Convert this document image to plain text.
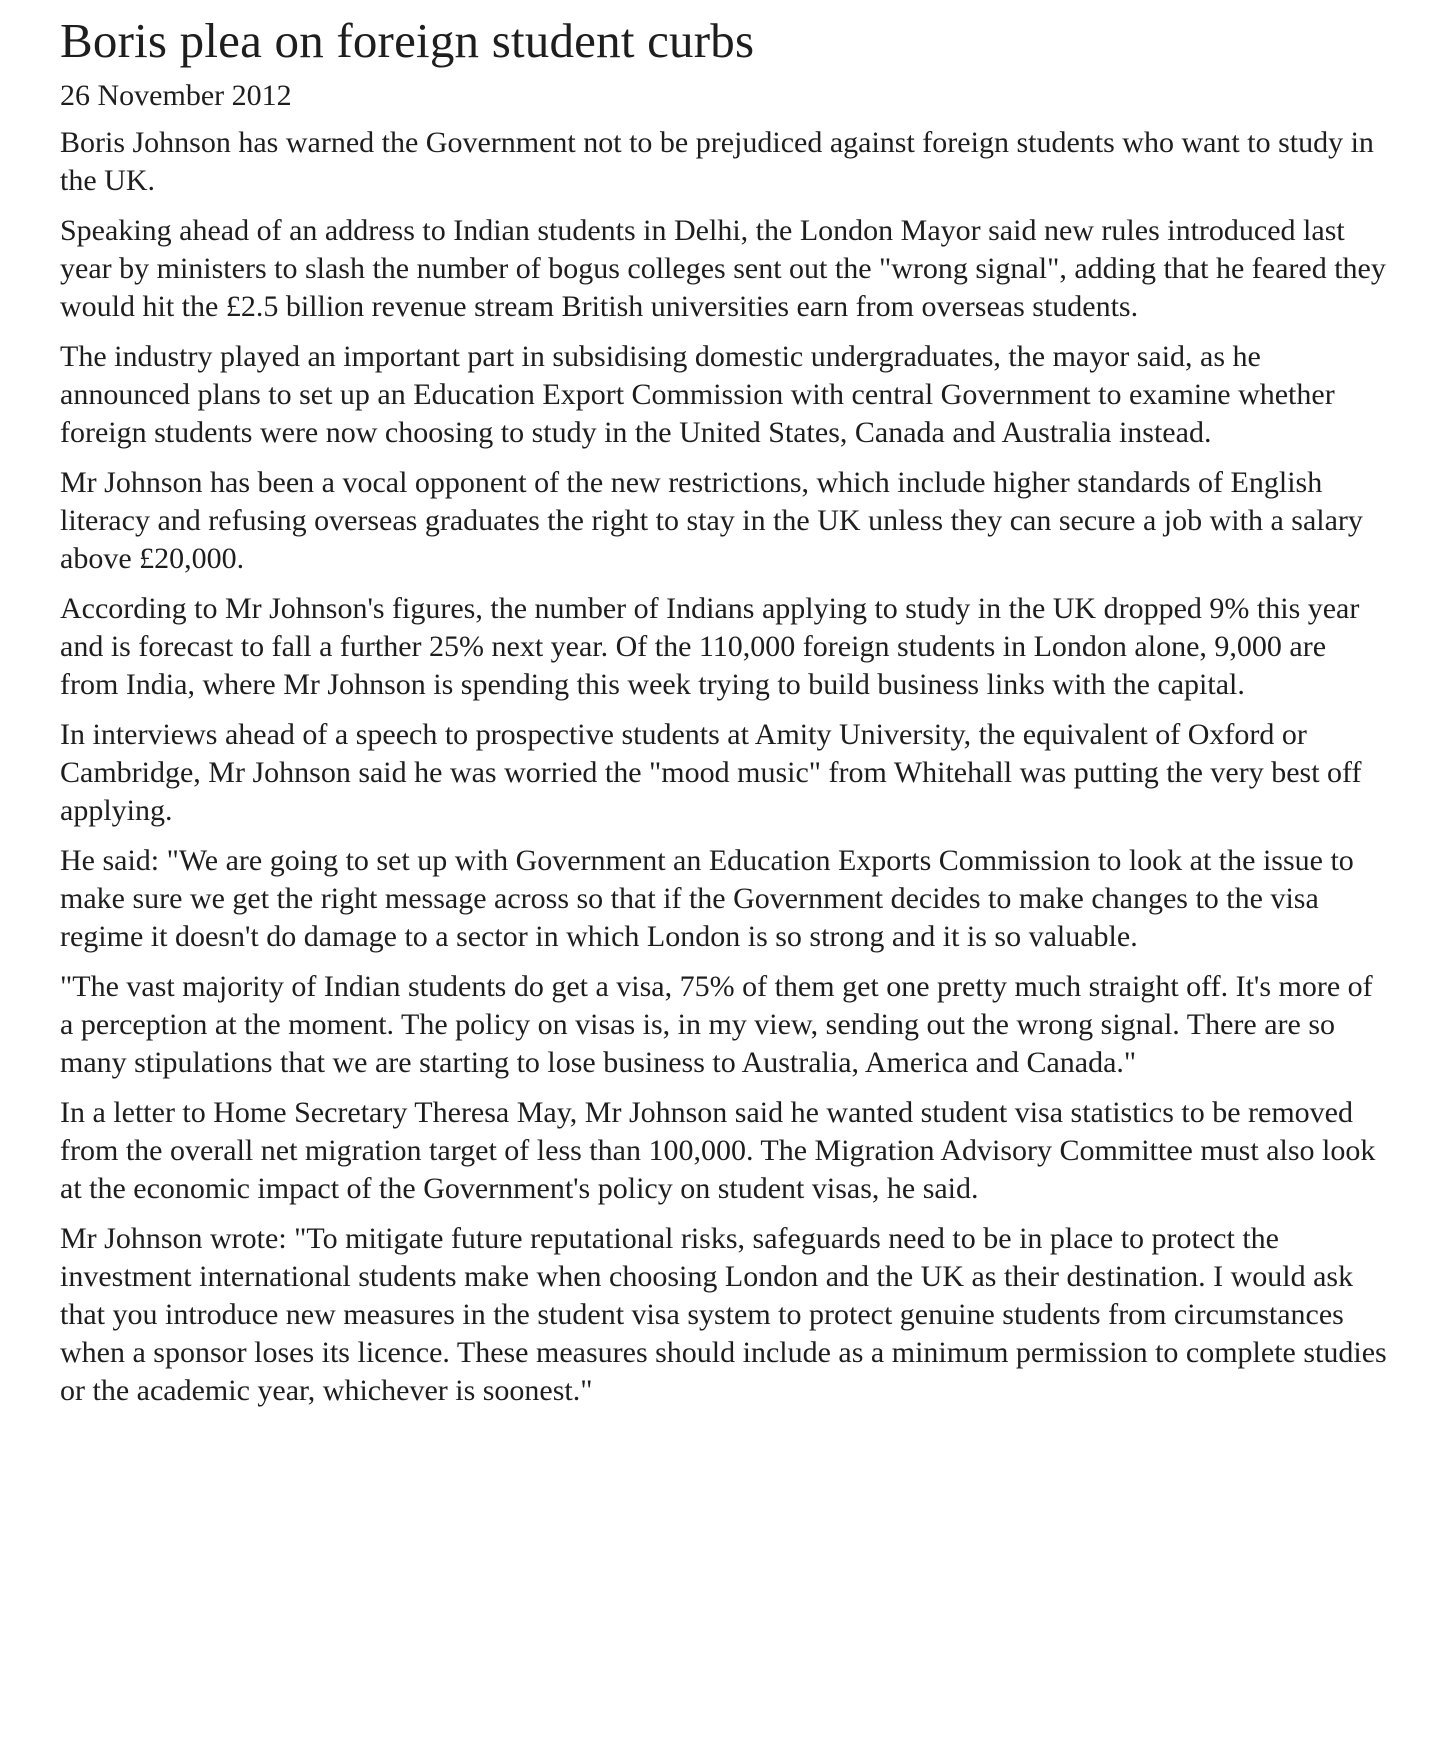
Boris plea on foreign student curbs
26 November 2012

Boris Johnson has warned the Government not to be prejudiced against foreign students who want to study in the UK.

Speaking ahead of an address to Indian students in Delhi, the London Mayor said new rules introduced last year by ministers to slash the number of bogus colleges sent out the "wrong signal", adding that he feared they would hit the £2.5 billion revenue stream British universities earn from overseas students.

The industry played an important part in subsidising domestic undergraduates, the mayor said, as he announced plans to set up an Education Export Commission with central Government to examine whether foreign students were now choosing to study in the United States, Canada and Australia instead.

Mr Johnson has been a vocal opponent of the new restrictions, which include higher standards of English literacy and refusing overseas graduates the right to stay in the UK unless they can secure a job with a salary above £20,000.

According to Mr Johnson's figures, the number of Indians applying to study in the UK dropped 9% this year and is forecast to fall a further 25% next year. Of the 110,000 foreign students in London alone, 9,000 are from India, where Mr Johnson is spending this week trying to build business links with the capital.

In interviews ahead of a speech to prospective students at Amity University, the equivalent of Oxford or Cambridge, Mr Johnson said he was worried the "mood music" from Whitehall was putting the very best off applying.

He said: "We are going to set up with Government an Education Exports Commission to look at the issue to make sure we get the right message across so that if the Government decides to make changes to the visa regime it doesn't do damage to a sector in which London is so strong and it is so valuable.

"The vast majority of Indian students do get a visa, 75% of them get one pretty much straight off. It's more of a perception at the moment. The policy on visas is, in my view, sending out the wrong signal. There are so many stipulations that we are starting to lose business to Australia, America and Canada."

In a letter to Home Secretary Theresa May, Mr Johnson said he wanted student visa statistics to be removed from the overall net migration target of less than 100,000. The Migration Advisory Committee must also look at the economic impact of the Government's policy on student visas, he said.

Mr Johnson wrote: "To mitigate future reputational risks, safeguards need to be in place to protect the investment international students make when choosing London and the UK as their destination. I would ask that you introduce new measures in the student visa system to protect genuine students from circumstances when a sponsor loses its licence. These measures should include as a minimum permission to complete studies or the academic year, whichever is soonest."
